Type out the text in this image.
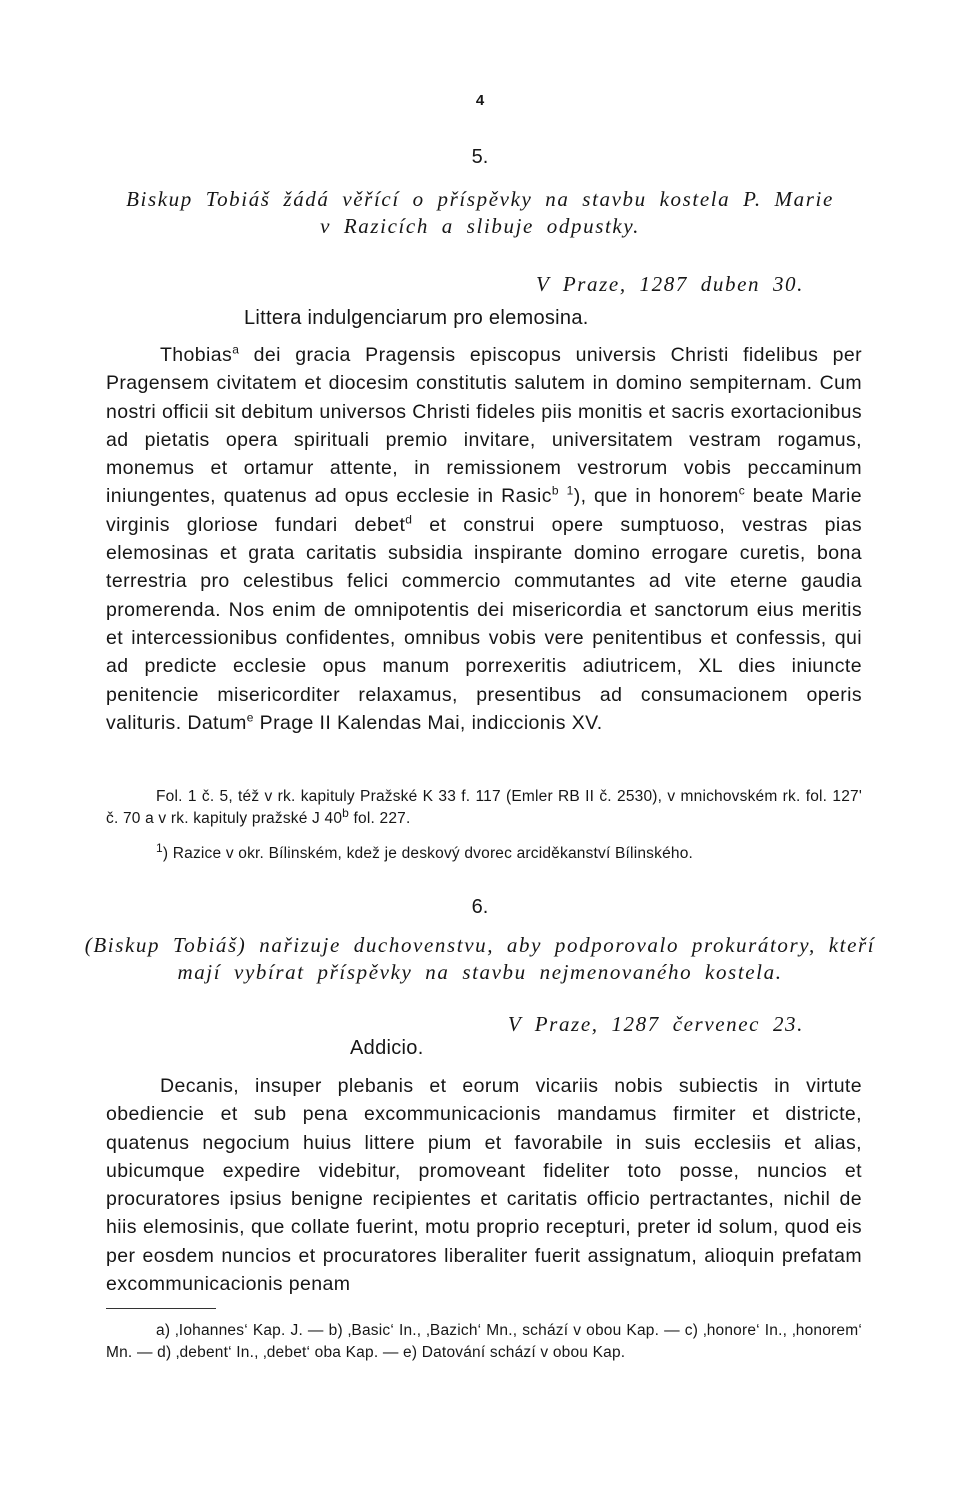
4
5.
Biskup Tobiáš žádá věřící o příspěvky na stavbu kostela P. Marie
v Razicích a slibuje odpustky.
V Praze, 1287 duben 30.
Littera indulgenciarum pro elemosina.

Thobias$^a$ dei gracia Pragensis episcopus universis Christi fidelibus per Pragensem civitatem et diocesim constitutis salutem in domino sempiternam. Cum nostri officii sit debitum universos Christi fideles piis monitis et sacris exortacionibus ad pietatis opera spirituali premio invitare, universitatem vestram rogamus, monemus et ortamur attente, in remissionem vestrorum vobis peccaminum iniungentes, quatenus ad opus ecclesie in Rasic$^b$ $^1$), que in honorem$^c$ beate Marie virginis gloriose fundari debet$^d$ et construi opere sumptuoso, vestras pias elemosinas et grata caritatis subsidia inspirante domino errogare curetis, bona terrestria pro celestibus felici commercio commutantes ad vite eterne gaudia promerenda. Nos enim de omnipotentis dei misericordia et sanctorum eius meritis et intercessionibus confidentes, omnibus vobis vere penitentibus et confessis, qui ad predicte ecclesie opus manum porrexeritis adiutricem, XL dies iniuncte penitencie misericorditer relaxamus, presentibus ad consumacionem operis valituris. Datum$^e$ Prage II Kalendas Mai, indiccionis XV.

Fol. 1 č. 5, též v rk. kapituly Pražské K 33 f. 117 (Emler RB II č. 2530), v mnichovském rk. fol. 127' č. 70 a v rk. kapituly pražské J 40$^b$ fol. 227.

$^1$) Razice v okr. Bílinském, kdež je deskový dvorec arciděkanství Bílinského.

6.
(Biskup Tobiáš) nařizuje duchovenstvu, aby podporovalo prokurátory, kteří
mají vybírat příspěvky na stavbu nejmenovaného kostela.
V Praze, 1287 červenec 23.
Addicio.

Decanis, insuper plebanis et eorum vicariis nobis subiectis in virtute obediencie et sub pena excommunicacionis mandamus firmiter et districte, quatenus negocium huius littere pium et favorabile in suis ecclesiis et alias, ubicumque expedire videbitur, promoveant fideliter toto posse, nuncios et procuratores ipsius benigne recipientes et caritatis officio pertractantes, nichil de hiis elemosinis, que collate fuerint, motu proprio recepturi, preter id solum, quod eis per eosdem nuncios et procuratores liberaliter fuerit assignatum, alioquin prefatam excommunicacionis penam

a) ‚Iohannes‘ Kap. J. — b) ‚Basic‘ In., ‚Bazich‘ Mn., schází v obou Kap. — c) ‚honore‘ In., ‚honorem‘ Mn. — d) ‚debent‘ In., ‚debet‘ oba Kap. — e) Datování schází v obou Kap.
